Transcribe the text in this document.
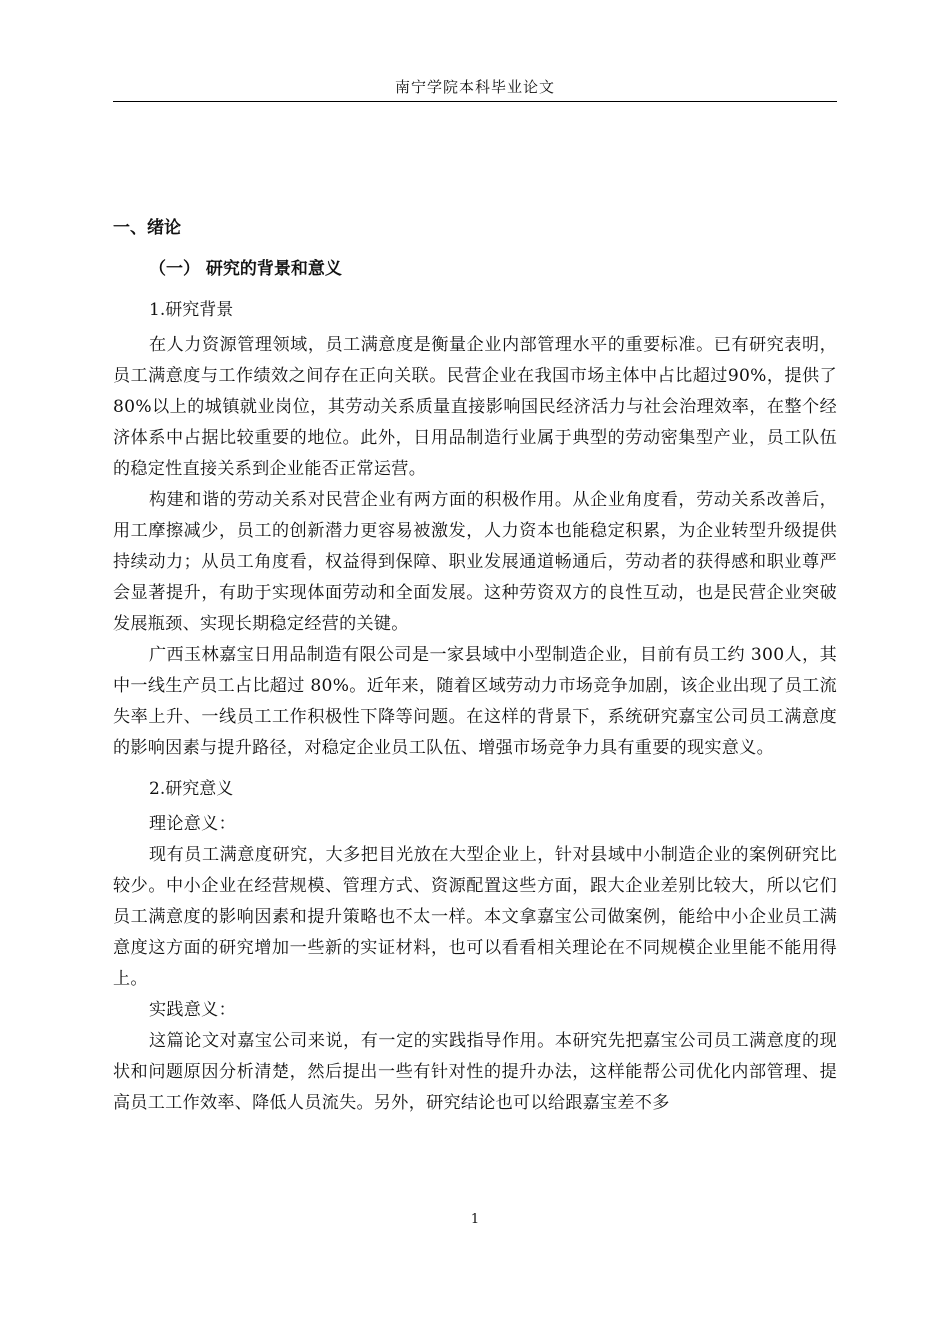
南宁学院本科毕业论文
一、绪论
（一） 研究的背景和意义
1.研究背景

在人力资源管理领域，员工满意度是衡量企业内部管理水平的重要标准。已有研究表明，员工满意度与工作绩效之间存在正向关联。民营企业在我国市场主体中占比超过90%，提供了 80%以上的城镇就业岗位，其劳动关系质量直接影响国民经济活力与社会治理效率，在整个经济体系中占据比较重要的地位。此外，日用品制造行业属于典型的劳动密集型产业，员工队伍的稳定性直接关系到企业能否正常运营。

构建和谐的劳动关系对民营企业有两方面的积极作用。从企业角度看，劳动关系改善后，用工摩擦减少，员工的创新潜力更容易被激发，人力资本也能稳定积累，为企业转型升级提供持续动力；从员工角度看，权益得到保障、职业发展通道畅通后，劳动者的获得感和职业尊严会显著提升，有助于实现体面劳动和全面发展。这种劳资双方的良性互动，也是民营企业突破发展瓶颈、实现长期稳定经营的关键。

广西玉林嘉宝日用品制造有限公司是一家县域中小型制造企业，目前有员工约 300人，其中一线生产员工占比超过 80%。近年来，随着区域劳动力市场竞争加剧，该企业出现了员工流失率上升、一线员工工作积极性下降等问题。在这样的背景下，系统研究嘉宝公司员工满意度的影响因素与提升路径，对稳定企业员工队伍、增强市场竞争力具有重要的现实意义。

2.研究意义

理论意义：

现有员工满意度研究，大多把目光放在大型企业上，针对县域中小制造企业的案例研究比较少。中小企业在经营规模、管理方式、资源配置这些方面，跟大企业差别比较大，所以它们员工满意度的影响因素和提升策略也不太一样。本文拿嘉宝公司做案例，能给中小企业员工满意度这方面的研究增加一些新的实证材料，也可以看看相关理论在不同规模企业里能不能用得上。

实践意义：

这篇论文对嘉宝公司来说，有一定的实践指导作用。本研究先把嘉宝公司员工满意度的现状和问题原因分析清楚，然后提出一些有针对性的提升办法，这样能帮公司优化内部管理、提高员工工作效率、降低人员流失。另外，研究结论也可以给跟嘉宝差不多

1
